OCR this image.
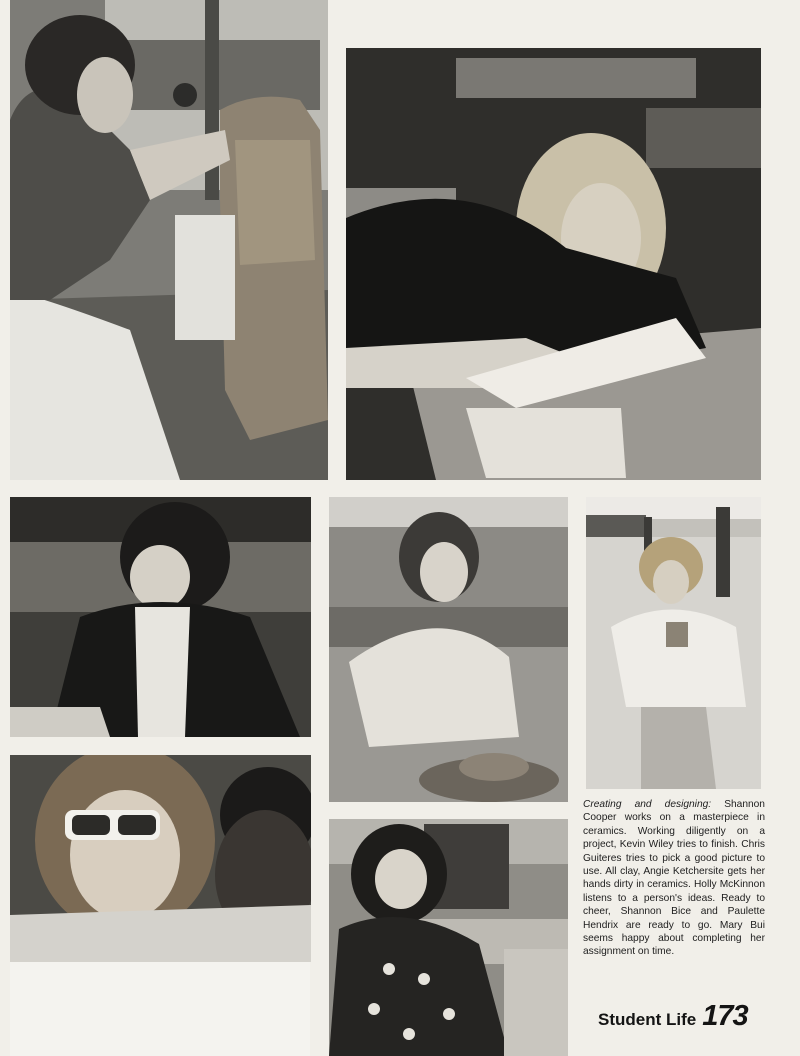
Creating and designing: Shannon Cooper works on a masterpiece in ceramics. Working diligently on a project, Kevin Wiley tries to finish. Chris Guiteres tries to pick a good picture to use. All clay, Angie Ketchersite gets her hands dirty in ceramics. Holly McKinnon listens to a person's ideas. Ready to cheer, Shannon Bice and Paulette Hendrix are ready to go. Mary Bui seems happy about completing her assignment on time.
Student Life 173
